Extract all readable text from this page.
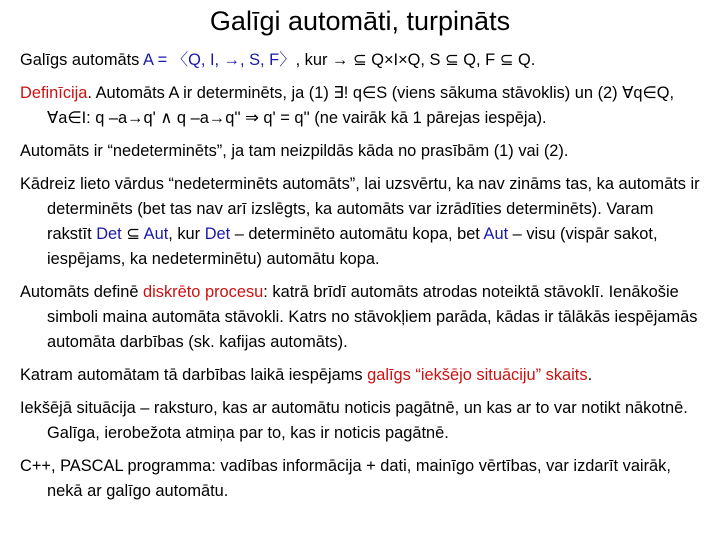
Galīgi automāti, turpināts

Galīgs automāts A = 〈Q, I, →, S, F〉, kur → ⊆ Q×I×Q, S ⊆ Q, F ⊆ Q.

Definīcija. Automāts A ir determinēts, ja (1) ∃! q∈S (viens sākuma stāvoklis) un (2) ∀q∈Q, ∀a∈I: q –a→q' ∧ q –a→q'' ⇒ q' = q'' (ne vairāk kā 1 pārejas iespēja).

Automāts ir “nedeterminēts”, ja tam neizpildās kāda no prasībām (1) vai (2).

Kādreiz lieto vārdus “nedeterminēts automāts”, lai uzsvērtu, ka nav zināms tas, ka automāts ir determinēts (bet tas nav arī izslēgts, ka automāts var izrādīties determinēts). Varam rakstīt Det ⊆ Aut, kur Det – determinēto automātu kopa, bet Aut – visu (vispār sakot, iespējams, ka nedeterminētu) automātu kopa.

Automāts definē diskrēto procesu: katrā brīdī automāts atrodas noteiktā stāvoklī. Ienākošie simboli maina automāta stāvokli. Katrs no stāvokļiem parāda, kādas ir tālākās iespējamās automāta darbības (sk. kafijas automāts).

Katram automātam tā darbības laikā iespējams galīgs “iekšējo situāciju” skaits.

Iekšējā situācija – raksturo, kas ar automātu noticis pagātnē, un kas ar to var notikt nākotnē. Galīga, ierobežota atmiņa par to, kas ir noticis pagātnē.

C++, PASCAL programma: vadības informācija + dati, mainīgo vērtības, var izdarīt vairāk, nekā ar galīgo automātu.
